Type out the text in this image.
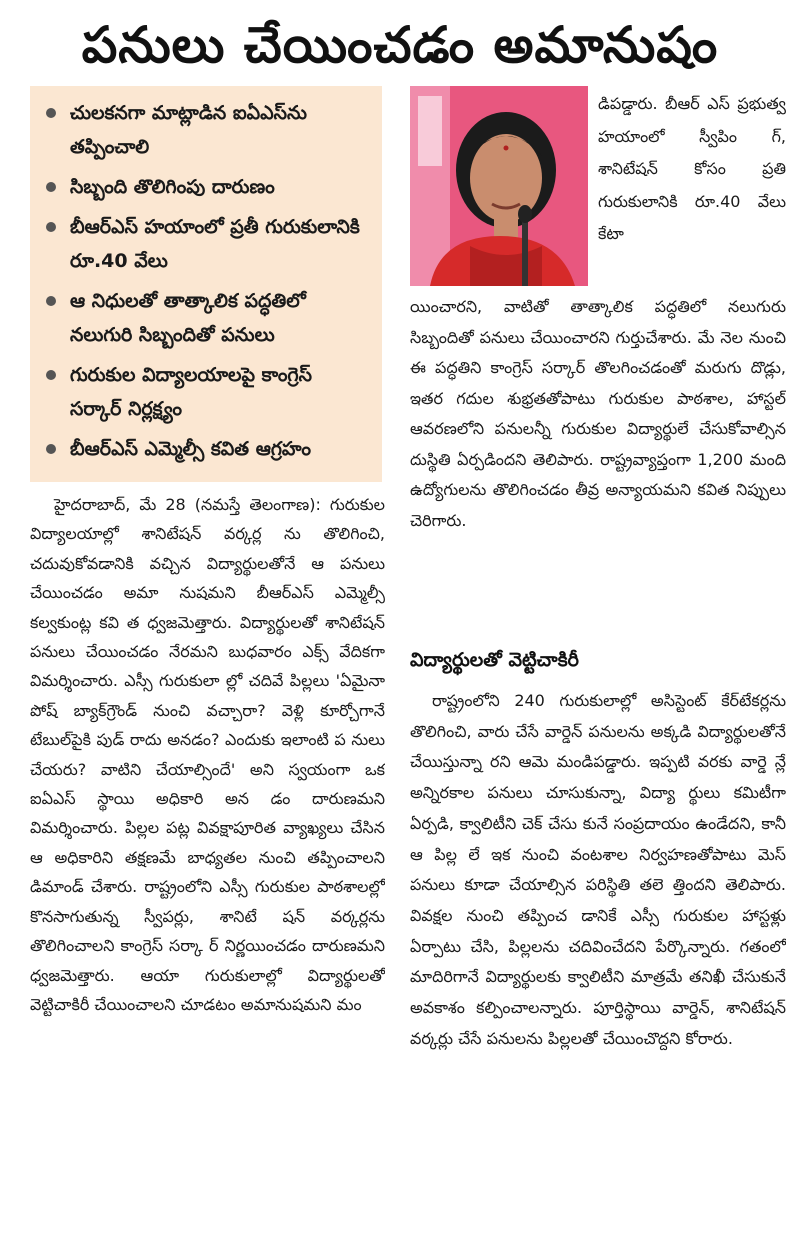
పనులు చేయించడం అమానుషం
చులకనగా మాట్లాడిన ఐఏఎస్‌ను తప్పించాలి
సిబ్బంది తొలిగింపు దారుణం
బీఆర్‌ఎస్ హయాంలో ప్రతీ గురుకులానికి రూ.40 వేలు
ఆ నిధులతో తాత్కాలిక పద్ధతిలో నలుగురి సిబ్బందితో పనులు
గురుకుల విద్యాలయాలపై కాంగ్రెస్ సర్కార్ నిర్లక్ష్యం
బీఆర్‌ఎస్ ఎమ్మెల్సీ కవిత ఆగ్రహం
డిపడ్డారు. బీఆర్ ఎస్ ప్రభుత్వ హయాంలో స్వీపిం గ్, శానిటేషన్ కోసం ప్రతి గురుకులానికి రూ.40 వేలు కేటా

హైదరాబాద్, మే 28 (నమస్తే తెలంగాణ): గురుకుల విద్యాలయాల్లో శానిటేషన్ వర్కర్ల ను తొలిగించి, చదువుకోవడానికి వచ్చిన విద్యార్థులతోనే ఆ పనులు చేయించడం అమా నుషమని బీఆర్‌ఎస్ ఎమ్మెల్సీ కల్వకుంట్ల కవి త ధ్వజమెత్తారు. విద్యార్థులతో శానిటేషన్ పనులు చేయించడం నేరమని బుధవారం ఎక్స్ వేదికగా విమర్శించారు. ఎస్సీ గురుకులా ల్లో చదివే పిల్లలు 'ఏమైనా పోష్ బ్యాక్‌గ్రౌండ్ నుంచి వచ్చారా? వెళ్లి కూర్చోగానే టేబుల్‌పైకి పుడ్ రాదు అనడం? ఎందుకు ఇలాంటి ప నులు చేయరు? వాటిని చేయాల్సిందే' అని స్వయంగా ఒక ఐఏఎస్ స్థాయి అధికారి అన డం దారుణమని విమర్శించారు. పిల్లల పట్ల వివక్షాపూరిత వ్యాఖ్యలు చేసిన ఆ అధికారిని తక్షణమే బాధ్యతల నుంచి తప్పించాలని డిమాండ్ చేశారు. రాష్ట్రంలోని ఎస్సీ గురుకుల పాఠశాలల్లో కొనసాగుతున్న స్వీపర్లు, శానిటే షన్ వర్కర్లను తొలిగించాలని కాంగ్రెస్ సర్కా ర్ నిర్ణయించడం దారుణమని ధ్వజమెత్తారు. ఆయా గురుకులాల్లో విద్యార్థులతో వెట్టిచాకిరీ చేయించాలని చూడటం అమానుషమని మం

యించారని, వాటితో తాత్కాలిక పద్ధతిలో నలుగురు సిబ్బందితో పనులు చేయించారని గుర్తుచేశారు. మే నెల నుంచి ఈ పద్ధతిని కాంగ్రెస్ సర్కార్ తొలగించడంతో మరుగు దొడ్లు, ఇతర గదుల శుభ్రతతోపాటు గురుకుల పాఠశాల, హాస్టల్ ఆవరణలోని పనులన్నీ గురుకుల విద్యార్థులే చేసుకోవాల్సిన దుస్థితి ఏర్పడిందని తెలిపారు. రాష్ట్రవ్యాప్తంగా 1,200 మంది ఉద్యోగులను తొలిగించడం తీవ్ర అన్యాయమని కవిత నిప్పులు చెరిగారు.
విద్యార్థులతో వెట్టిచాకిరీ

రాష్ట్రంలోని 240 గురుకులాల్లో అసిస్టెంట్ కేర్‌టేకర్లను తొలిగించి, వారు చేసే వార్డెన్ పనులను అక్కడి విద్యార్థులతోనే చేయిస్తున్నా రని ఆమె మండిపడ్డారు. ఇప్పటి వరకు వార్డె న్లే అన్నిరకాల పనులు చూసుకున్నా, విద్యా ర్థులు కమిటీగా ఏర్పడి, క్వాలిటీని చెక్ చేసు కునే సంప్రదాయం ఉండేదని, కానీ ఆ పిల్ల లే ఇక నుంచి వంటశాల నిర్వహణతోపాటు మెస్ పనులు కూడా చేయాల్సిన పరిస్థితి తలె త్తిందని తెలిపారు. వివక్షల నుంచి తప్పించ డానికే ఎస్సీ గురుకుల హాస్టళ్లు ఏర్పాటు చేసి, పిల్లలను చదివించేదని పేర్కొన్నారు. గతంలో మాదిరిగానే విద్యార్థులకు క్వాలిటీని మాత్రమే తనిఖీ చేసుకునే అవకాశం కల్పించాలన్నారు. పూర్తిస్థాయి వార్డెన్, శానిటేషన్ వర్కర్లు చేసే పనులను పిల్లలతో చేయించొద్దని కోరారు.
